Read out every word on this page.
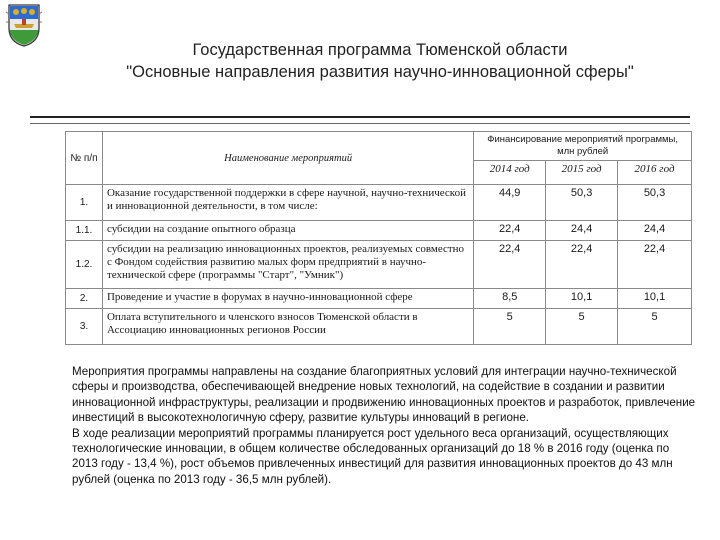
Государственная программа Тюменской области
"Основные направления развития научно-инновационной сферы"
№ п/п	Наименование мероприятий	Финансирование мероприятий программы, млн рублей		
		2014 год	2015 год	2016 год
1.	Оказание государственной поддержки в сфере научной, научно-технической и инновационной деятельности, в том числе:	44,9	50,3	50,3
1.1.	субсидии на создание опытного образца	22,4	24,4	24,4
1.2.	субсидии на реализацию инновационных проектов, реализуемых совместно с Фондом содействия развитию малых форм предприятий в научно-технической сфере (программы "Старт", "Умник")	22,4	22,4	22,4
2.	Проведение и участие в форумах в научно-инновационной сфере	8,5	10,1	10,1
3.	Оплата вступительного и членского взносов Тюменской области в Ассоциацию инновационных регионов России	5	5	5

Мероприятия программы направлены на создание благоприятных условий для интеграции научно-технической сферы и производства, обеспечивающей внедрение новых технологий, на содействие в создании и развитии инновационной инфраструктуры, реализации и продвижению инновационных проектов и разработок, привлечение инвестиций в высокотехнологичную сферу, развитие культуры инноваций в регионе.

В ходе реализации мероприятий программы планируется рост удельного веса организаций, осуществляющих технологические инновации, в общем количестве обследованных организаций до 18 % в 2016 году (оценка по 2013 году - 13,4 %), рост объемов привлеченных инвестиций для развития инновационных проектов до 43 млн рублей (оценка по 2013 году - 36,5 млн рублей).
